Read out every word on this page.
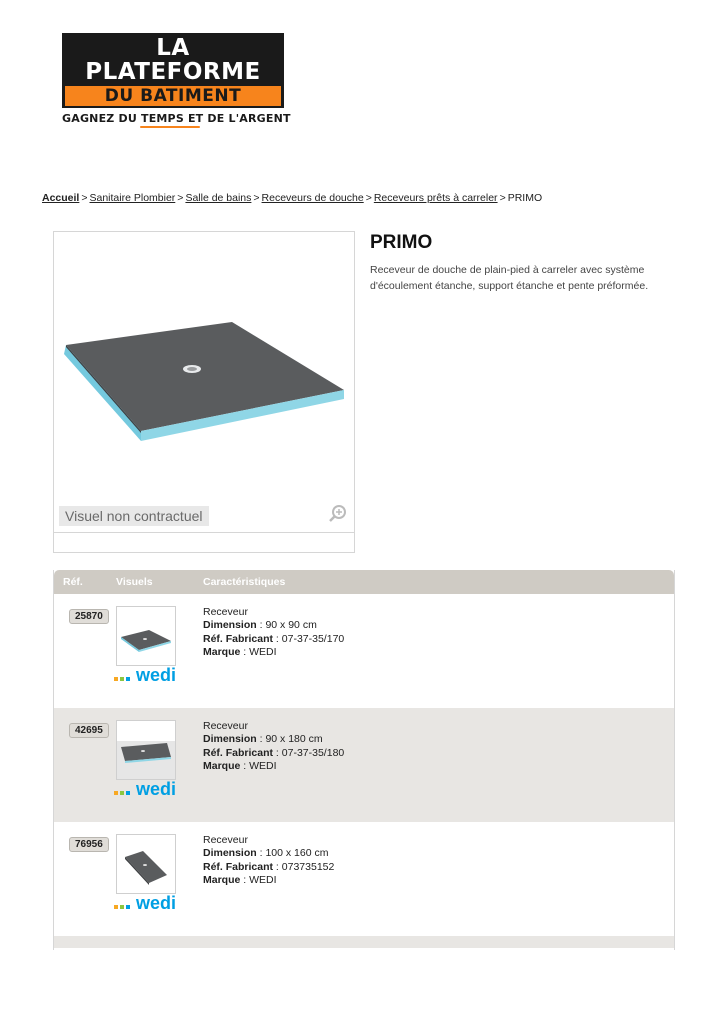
LA PLATEFORME
DU BATIMENT
GAGNEZ DU TEMPS ET DE L'ARGENT
Accueil > Sanitaire Plombier > Salle de bains > Receveurs de douche > Receveurs prêts à carreler > PRIMO
Visuel non contractuel
PRIMO
Receveur de douche de plain-pied à carreler avec système d'écoulement étanche, support étanche et pente préformée.
Réf.	Visuels	Caractéristiques
25870
wedi
Receveur
Dimension : 90 x 90 cm
Réf. Fabricant : 07-37-35/170
Marque : WEDI
42695
wedi
Receveur
Dimension : 90 x 180 cm
Réf. Fabricant : 07-37-35/180
Marque : WEDI
76956
wedi
Receveur
Dimension : 100 x 160 cm
Réf. Fabricant : 073735152
Marque : WEDI
